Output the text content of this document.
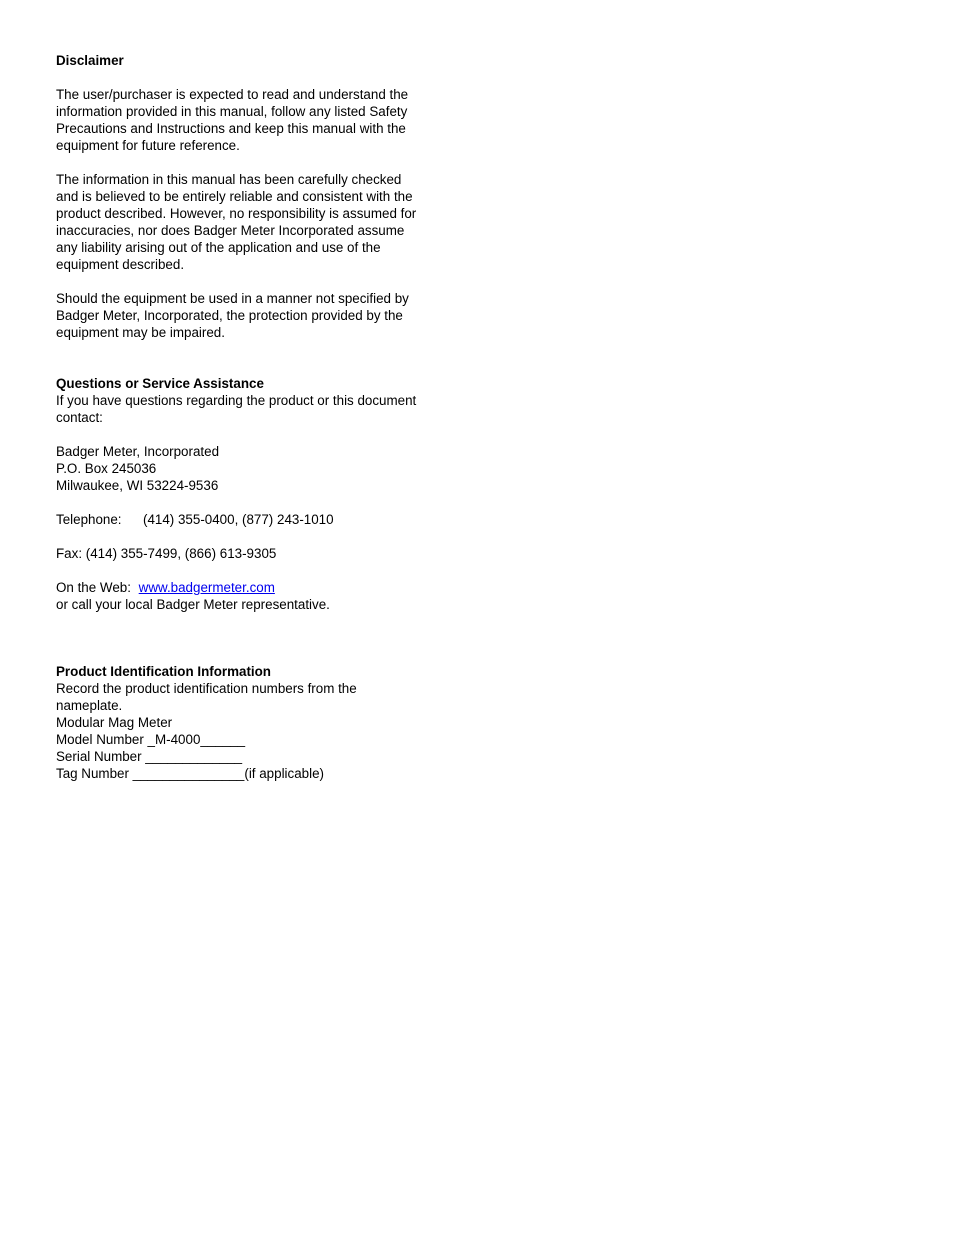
Disclaimer
The user/purchaser is expected to read and understand the
information provided in this manual, follow any listed Safety
Precautions and Instructions and keep this manual with the
equipment for future reference.
The information in this manual has been carefully checked
and is believed to be entirely reliable and consistent with the
product described. However, no responsibility is assumed for
inaccuracies, nor does Badger Meter Incorporated assume
any liability arising out of the application and use of the
equipment described.
Should the equipment be used in a manner not specified by
Badger Meter, Incorporated, the protection provided by the
equipment may be impaired.
Questions or Service Assistance
If you have questions regarding the product or this document
contact:
Badger Meter, Incorporated
P.O. Box 245036
Milwaukee, WI 53224-9536
Telephone: (414) 355-0400, (877) 243-1010
Fax: (414) 355-7499, (866) 613-9305
On the Web: www.badgermeter.com
or call your local Badger Meter representative.
Product Identification Information
Record the product identification numbers from the
nameplate.
Modular Mag Meter
Model Number _M-4000______
Serial Number _____________
Tag Number _______________(if applicable)
